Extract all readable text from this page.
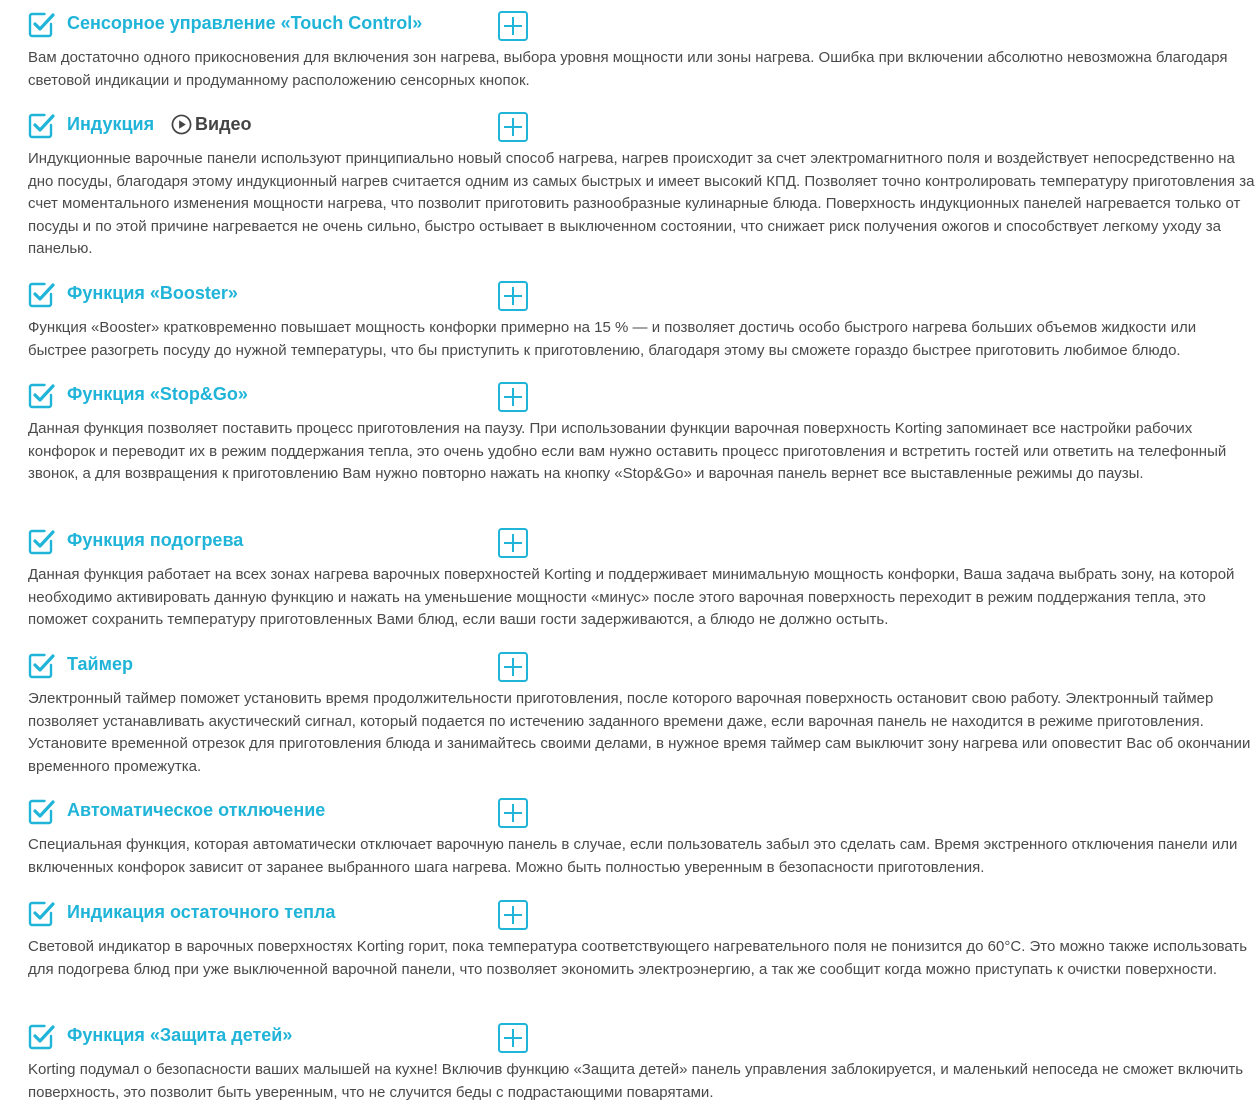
Сенсорное управление «Touch Control»

Вам достаточно одного прикосновения для включения зон нагрева, выбора уровня мощности или зоны нагрева. Ошибка при включении абсолютно невозможна благодаря световой индикации и продуманному расположению сенсорных кнопок.

Индукция Видео

Индукционные варочные панели используют принципиально новый способ нагрева, нагрев происходит за счет электромагнитного поля и воздействует непосредственно на дно посуды, благодаря этому индукционный нагрев считается одним из самых быстрых и имеет высокий КПД. Позволяет точно контролировать температуру приготовления за счет моментального изменения мощности нагрева, что позволит приготовить разнообразные кулинарные блюда. Поверхность индукционных панелей нагревается только от посуды и по этой причине нагревается не очень сильно, быстро остывает в выключенном состоянии, что снижает риск получения ожогов и способствует легкому уходу за панелью.

Функция «Booster»

Функция «Booster» кратковременно повышает мощность конфорки примерно на 15 % — и позволяет достичь особо быстрого нагрева больших объемов жидкости или быстрее разогреть посуду до нужной температуры, что бы приступить к приготовлению, благодаря этому вы сможете гораздо быстрее приготовить любимое блюдо.

Функция «Stop&Go»

Данная функция позволяет поставить процесс приготовления на паузу. При использовании функции варочная поверхность Korting запоминает все настройки рабочих конфорок и переводит их в режим поддержания тепла, это очень удобно если вам нужно оставить процесс приготовления и встретить гостей или ответить на телефонный звонок, а для возвращения к приготовлению Вам нужно повторно нажать на кнопку «Stop&Go» и варочная панель вернет все выставленные режимы до паузы.

Функция подогрева

Данная функция работает на всех зонах нагрева варочных поверхностей Korting и поддерживает минимальную мощность конфорки, Ваша задача выбрать зону, на которой необходимо активировать данную функцию и нажать на уменьшение мощности «минус» после этого варочная поверхность переходит в режим поддержания тепла, это поможет сохранить температуру приготовленных Вами блюд, если ваши гости задерживаются, а блюдо не должно остыть.

Таймер

Электронный таймер поможет установить время продолжительности приготовления, после которого варочная поверхность остановит свою работу. Электронный таймер позволяет устанавливать акустический сигнал, который подается по истечению заданного времени даже, если варочная панель не находится в режиме приготовления. Установите временной отрезок для приготовления блюда и занимайтесь своими делами, в нужное время таймер сам выключит зону нагрева или оповестит Вас об окончании временного промежутка.

Автоматическое отключение

Специальная функция, которая автоматически отключает варочную панель в случае, если пользователь забыл это сделать сам. Время экстренного отключения панели или включенных конфорок зависит от заранее выбранного шага нагрева. Можно быть полностью уверенным в безопасности приготовления.

Индикация остаточного тепла

Световой индикатор в варочных поверхностях Korting горит, пока температура соответствующего нагревательного поля не понизится до 60°С. Это можно также использовать для подогрева блюд при уже выключенной варочной панели, что позволяет экономить электроэнергию, а так же сообщит когда можно приступать к очистки поверхности.

Функция «Защита детей»

Korting подумал о безопасности ваших малышей на кухне! Включив функцию «Защита детей» панель управления заблокируется, и маленький непоседа не сможет включить поверхность, это позволит быть уверенным, что не случится беды с подрастающими поварятами.
